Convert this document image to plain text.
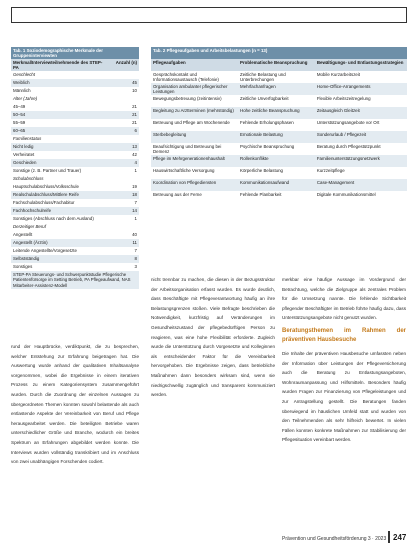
Tab. 1 Soziodemographische Merkmale der Gruppeninterviewten	
Merkmal/Interviewteilnehmende des STEP-PA	Anzahl (n)
Geschlecht	
Weiblich	45
Männlich	10
Alter (Jahre)	
45–49	21
50–54	21
55–59	21
60–65	6
Familienstatus	
Nicht ledig	13
Verheiratet	42
Geschieden	4
Sonstige (z. B. Partner und Trauer)	1
Schulabschluss	
Hauptschulabschluss/Volksschule	19
Realschulabschluss/Mittlere Reife	18
Fachschulabschluss/Fachabitur	7
Fachhochschulreife	14
Sonstiges (Abschluss nach dem Ausland)	1
Derzeitiger Beruf	
Angestellt	40
Angestellt (Ärztin)	11
Leitende Angestellte/Vorgesetzte	7
Selbstständig	8
Sonstiges	3
STEP-PA Steuerungs- und Schwerpunktstudie Pflegerische Patientenfürsorge im Setting Betrieb, PA Pflegeaufwand, NAS Mitarbeiter-Assistenz-Modell	
Tab. 2 Pflegeaufgaben und Arbeitsbelastungen (n = 13)		
Pflegeaufgaben	Problematische Beanspruchung	Bewältigungs- und Entlastungsstrategien
Gesprächskontakt und Informationsaustausch (Telefonie)	Zeitliche Belastung und Unterbrechungen	Mobile Kurzarbeitszeit
Organisation ambulanter pflegerischer Leistungen	Mehrfachanfragen	Home-Office-Arrangements
Bewegungsbetreuung (zeitintensiv)	Zeitliche Unverfügbarkeit	Flexible Arbeitszeitregelung
Begleitung zu Arztterminen (mehrstündig)	Hohe zeitliche Beanspruchung	Zeitausgleich Gleitzeit
Betreuung und Pflege am Wochenende	Fehlende Erholungsphasen	Unterstützungsangebote vor Ort
Sterbebegleitung	Emotionale Belastung	Sonderurlaub / Pflegezeit
Beaufsichtigung und Betreuung bei Demenz	Psychische Beanspruchung	Beratung durch Pflegestützpunkt
Pflege im Mehrgenerationenhaushalt	Rollenkonflikte	Familienunterstützungsnetzwerk
Hauswirtschaftliche Versorgung	Körperliche Belastung	Kurzzeitpflege
Koordination von Pflegediensten	Kommunikationsaufwand	Case-Management
Betreuung aus der Ferne	Fehlende Planbarkeit	Digitale Kommunikationsmittel

rund der Hauptbrücke, verdiktpunkt, die zu besprechen, welcher Entstehung zur Erfahrung beigetragen hat. Die Auswertung wurde anhand der qualitativen Inhaltsanalyse vorgenommen, wobei die Ergebnisse in einem iterativen Prozess zu einem Kategoriensystem zusammengeführt wurden. Durch die Zuordnung der einzelnen Aussagen zu übergeordneten Themen konnten sowohl belastende als auch entlastende Aspekte der Vereinbarkeit von Beruf und Pflege herausgearbeitet werden. Die beteiligten Betriebe waren unterschiedlicher Größe und Branche, wodurch ein breites Spektrum an Erfahrungen abgebildet werden konnte. Die Interviews wurden vollständig transkribiert und im Anschluss von zwei unabhängigen Forschenden codiert.

nicht trennbar zu machen, die diesen in der Bezugsstruktur der Arbeitsorganisation erfasst wurden. Es wurde deutlich, dass Beschäftigte mit Pflegeverantwortung häufig an ihre Belastungsgrenzen stoßen. Viele Befragte beschrieben die Notwendigkeit, kurzfristig auf Veränderungen im Gesundheitszustand der pflegebedürftigen Person zu reagieren, was eine hohe Flexibilität erforderte. Zugleich wurde die Unterstützung durch Vorgesetzte und Kolleginnen als entscheidender Faktor für die Vereinbarkeit hervorgehoben. Die Ergebnisse zeigen, dass betriebliche Maßnahmen dann besonders wirksam sind, wenn sie niedrigschwellig zugänglich und transparent kommuniziert werden.

merkbar eine häufige Aussage im Vordergrund der Betrachtung, welche die Zielgruppe als zentrales Problem für die Umsetzung nannte. Die fehlende Sichtbarkeit pflegender Beschäftigter im Betrieb führte häufig dazu, dass Unterstützungsangebote nicht genutzt wurden.

Beratungsthemen im Rahmen der präventiven Hausbesuche

Die Inhalte der präventiven Hausbesuche umfassten neben der Information über Leistungen der Pflegeversicherung auch die Beratung zu Entlastungsangeboten, Wohnraumanpassung und Hilfsmitteln. Besonders häufig wurden Fragen zur Finanzierung von Pflegeleistungen und zur Antragstellung gestellt. Die Beratungen fanden überwiegend im häuslichen Umfeld statt und wurden von den Teilnehmenden als sehr hilfreich bewertet. In vielen Fällen konnten konkrete Maßnahmen zur Stabilisierung der Pflegesituation vereinbart werden.

Prävention und Gesundheitsförderung 3 · 2023 247
